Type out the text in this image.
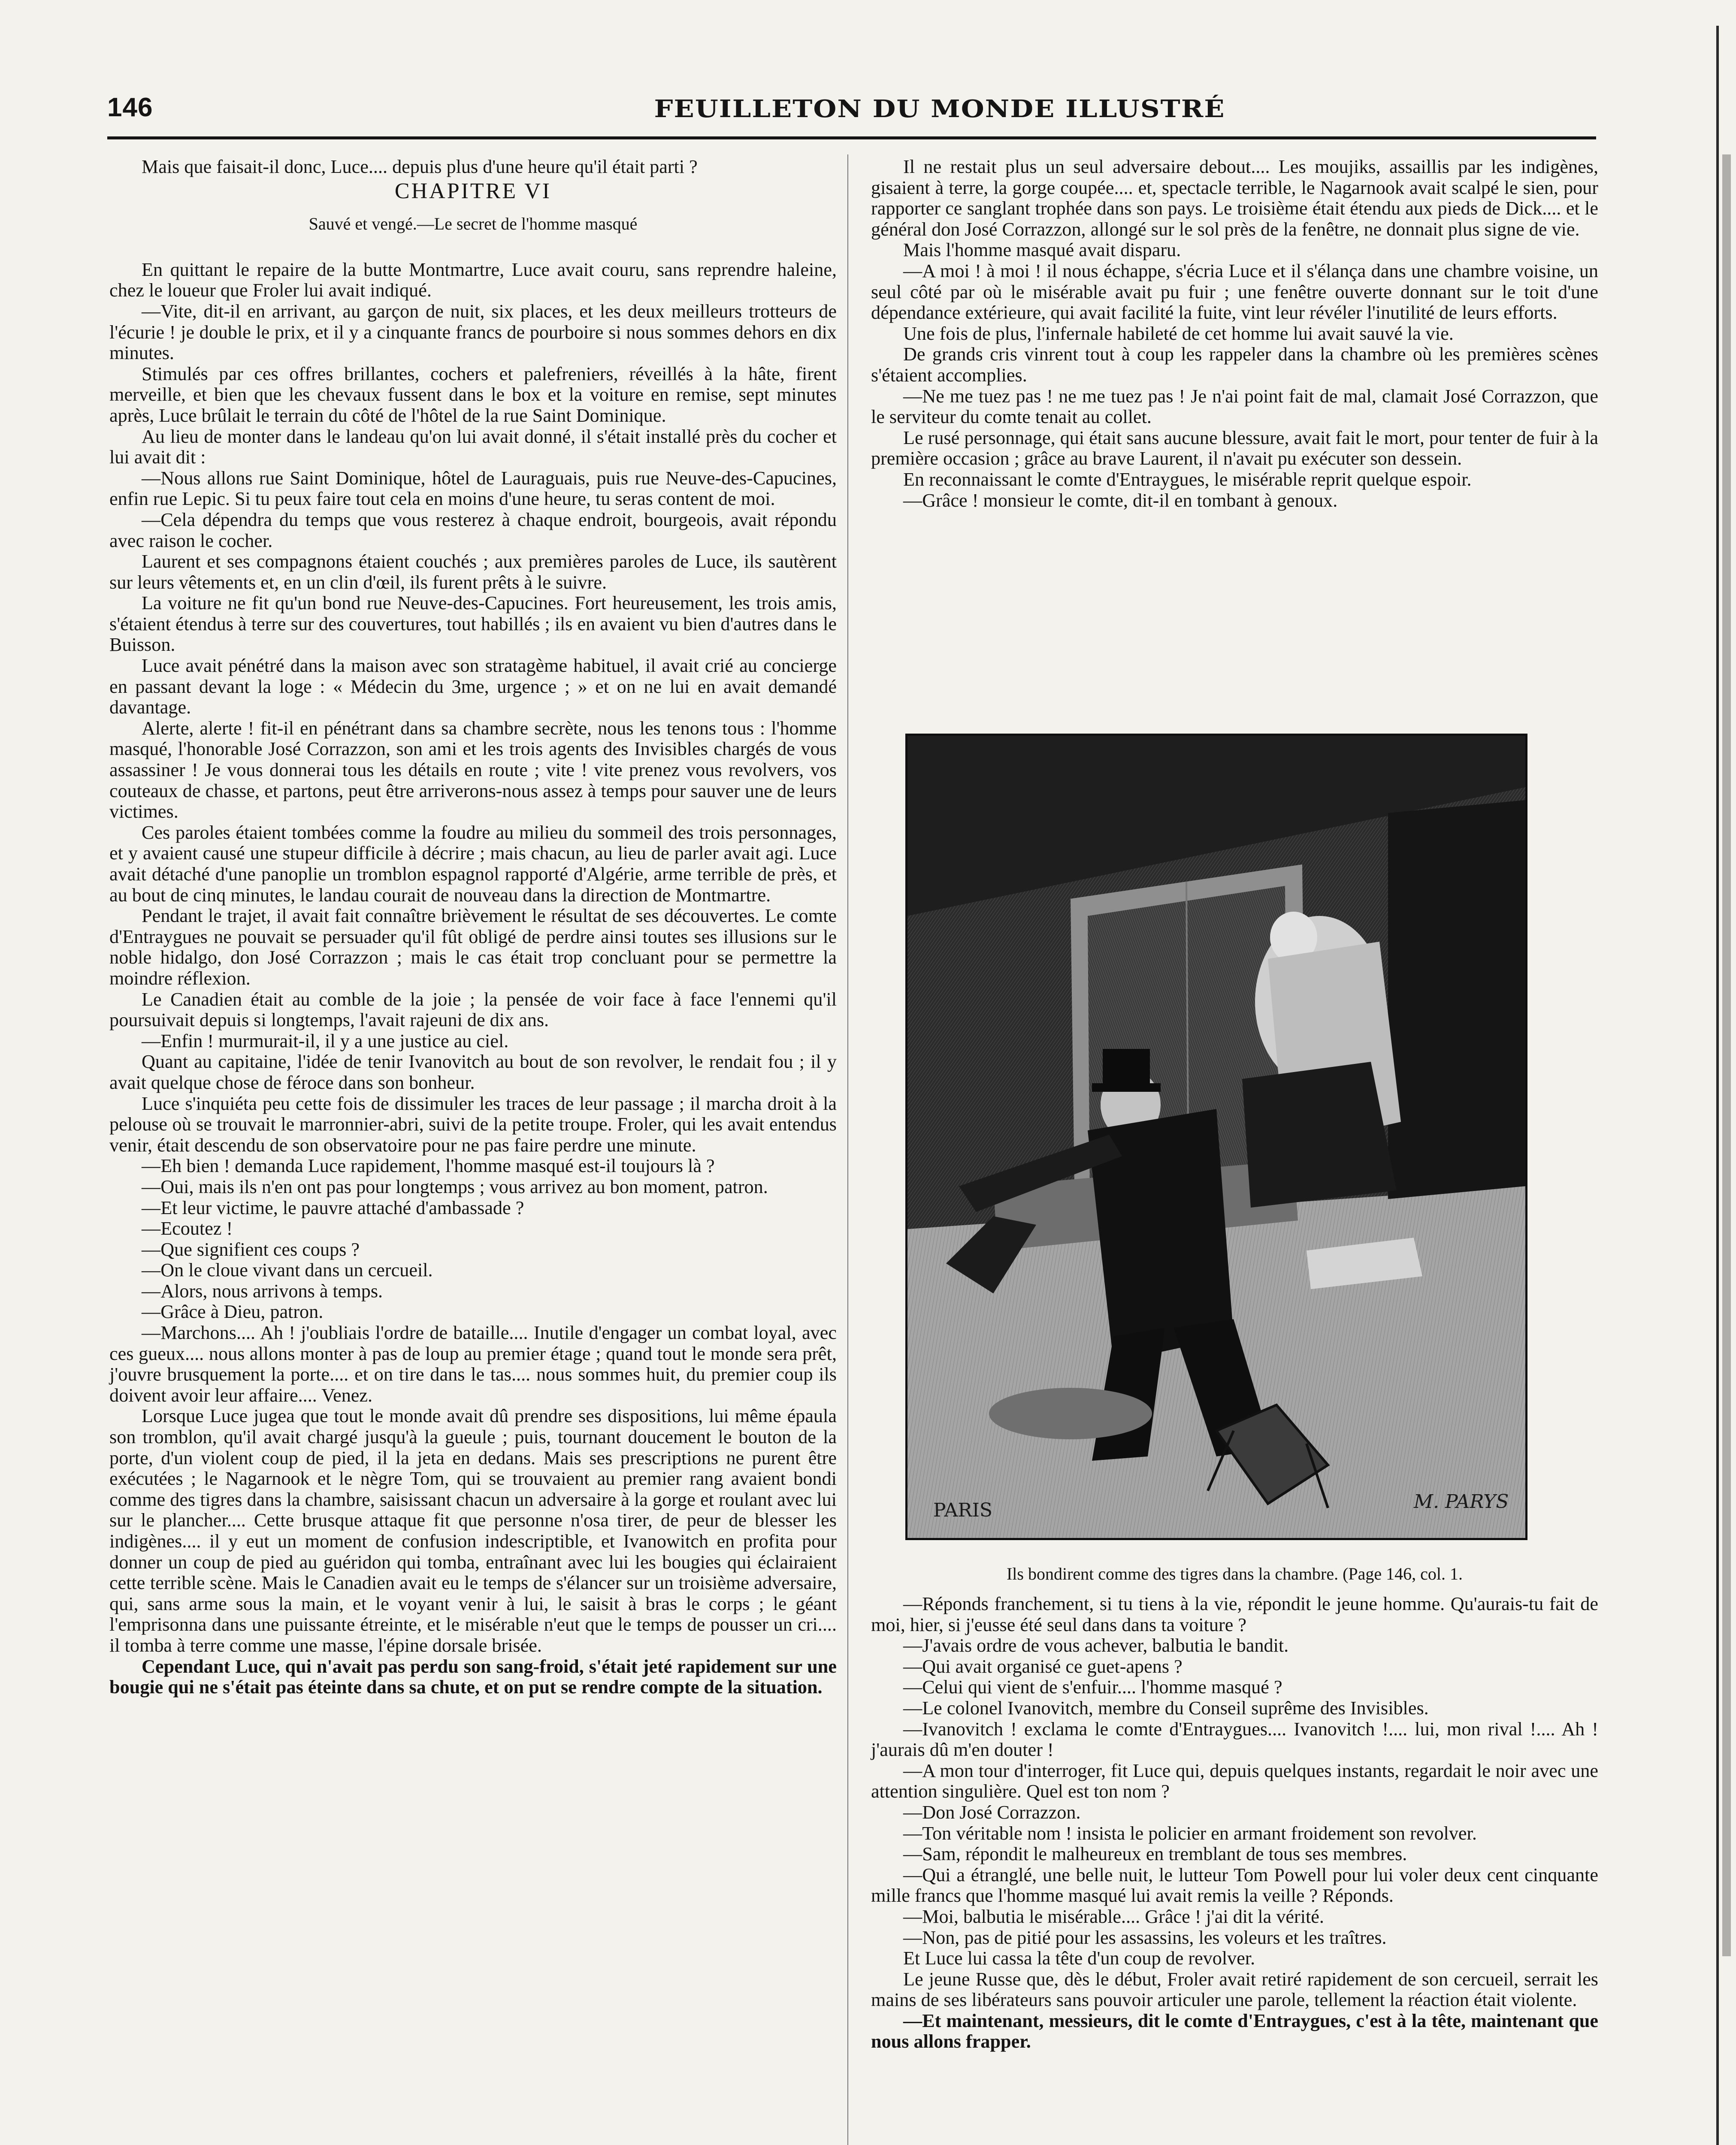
146	FEUILLETON DU MONDE ILLUSTRÉ

Mais que faisait-il donc, Luce.... depuis plus d'une heure qu'il était parti ?

CHAPITRE VI
Sauvé et vengé.—Le secret de l'homme masqué

En quittant le repaire de la butte Montmartre, Luce avait couru, sans reprendre haleine, chez le loueur que Froler lui avait indiqué.

—Vite, dit-il en arrivant, au garçon de nuit, six places, et les deux meilleurs trotteurs de l'écurie ! je double le prix, et il y a cinquante francs de pourboire si nous sommes dehors en dix minutes.

Stimulés par ces offres brillantes, cochers et palefreniers, réveillés à la hâte, firent merveille, et bien que les chevaux fussent dans le box et la voiture en remise, sept minutes après, Luce brûlait le terrain du côté de l'hôtel de la rue Saint Dominique.

Au lieu de monter dans le landeau qu'on lui avait donné, il s'était installé près du cocher et lui avait dit :

—Nous allons rue Saint Dominique, hôtel de Lauraguais, puis rue Neuve-des-Capucines, enfin rue Lepic. Si tu peux faire tout cela en moins d'une heure, tu seras content de moi.

—Cela dépendra du temps que vous resterez à chaque endroit, bourgeois, avait répondu avec raison le cocher.

Laurent et ses compagnons étaient couchés ; aux premières paroles de Luce, ils sautèrent sur leurs vêtements et, en un clin d'œil, ils furent prêts à le suivre.

La voiture ne fit qu'un bond rue Neuve-des-Capucines. Fort heureusement, les trois amis, s'étaient étendus à terre sur des couvertures, tout habillés ; ils en avaient vu bien d'autres dans le Buisson.

Luce avait pénétré dans la maison avec son stratagème habituel, il avait crié au concierge en passant devant la loge : « Médecin du 3me, urgence ; » et on ne lui en avait demandé davantage.

Alerte, alerte ! fit-il en pénétrant dans sa chambre secrète, nous les tenons tous : l'homme masqué, l'honorable José Corrazzon, son ami et les trois agents des Invisibles chargés de vous assassiner ! Je vous donnerai tous les détails en route ; vite ! vite prenez vous revolvers, vos couteaux de chasse, et partons, peut être arriverons-nous assez à temps pour sauver une de leurs victimes.

Ces paroles étaient tombées comme la foudre au milieu du sommeil des trois personnages, et y avaient causé une stupeur difficile à décrire ; mais chacun, au lieu de parler avait agi. Luce avait détaché d'une panoplie un tromblon espagnol rapporté d'Algérie, arme terrible de près, et au bout de cinq minutes, le landau courait de nouveau dans la direction de Montmartre.

Pendant le trajet, il avait fait connaître brièvement le résultat de ses découvertes. Le comte d'Entraygues ne pouvait se persuader qu'il fût obligé de perdre ainsi toutes ses illusions sur le noble hidalgo, don José Corrazzon ; mais le cas était trop concluant pour se permettre la moindre réflexion.

Le Canadien était au comble de la joie ; la pensée de voir face à face l'ennemi qu'il poursuivait depuis si longtemps, l'avait rajeuni de dix ans.

—Enfin ! murmurait-il, il y a une justice au ciel.

Quant au capitaine, l'idée de tenir Ivanovitch au bout de son revolver, le rendait fou ; il y avait quelque chose de féroce dans son bonheur.

Luce s'inquiéta peu cette fois de dissimuler les traces de leur passage ; il marcha droit à la pelouse où se trouvait le marronnier-abri, suivi de la petite troupe. Froler, qui les avait entendus venir, était descendu de son observatoire pour ne pas faire perdre une minute.

—Eh bien ! demanda Luce rapidement, l'homme masqué est-il toujours là ?

—Oui, mais ils n'en ont pas pour longtemps ; vous arrivez au bon moment, patron.

—Et leur victime, le pauvre attaché d'ambassade ?

—Ecoutez !

—Que signifient ces coups ?

—On le cloue vivant dans un cercueil.

—Alors, nous arrivons à temps.

—Grâce à Dieu, patron.

—Marchons.... Ah ! j'oubliais l'ordre de bataille.... Inutile d'engager un combat loyal, avec ces gueux.... nous allons monter à pas de loup au premier étage ; quand tout le monde sera prêt, j'ouvre brusquement la porte.... et on tire dans le tas.... nous sommes huit, du premier coup ils doivent avoir leur affaire.... Venez.

Lorsque Luce jugea que tout le monde avait dû prendre ses dispositions, lui même épaula son tromblon, qu'il avait chargé jusqu'à la gueule ; puis, tournant doucement le bouton de la porte, d'un violent coup de pied, il la jeta en dedans. Mais ses prescriptions ne purent être exécutées ; le Nagarnook et le nègre Tom, qui se trouvaient au premier rang avaient bondi comme des tigres dans la chambre, saisissant chacun un adversaire à la gorge et roulant avec lui sur le plancher.... Cette brusque attaque fit que personne n'osa tirer, de peur de blesser les indigènes.... il y eut un moment de confusion indescriptible, et Ivanowitch en profita pour donner un coup de pied au guéridon qui tomba, entraînant avec lui les bougies qui éclairaient cette terrible scène. Mais le Canadien avait eu le temps de s'élancer sur un troisième adversaire, qui, sans arme sous la main, et le voyant venir à lui, le saisit à bras le corps ; le géant l'emprisonna dans une puissante étreinte, et le misérable n'eut que le temps de pousser un cri.... il tomba à terre comme une masse, l'épine dorsale brisée.

Cependant Luce, qui n'avait pas perdu son sang-froid, s'était jeté rapidement sur une bougie qui ne s'était pas éteinte dans sa chute, et on put se rendre compte de la situation.

Il ne restait plus un seul adversaire debout.... Les moujiks, assaillis par les indigènes, gisaient à terre, la gorge coupée.... et, spectacle terrible, le Nagarnook avait scalpé le sien, pour rapporter ce sanglant trophée dans son pays. Le troisième était étendu aux pieds de Dick.... et le général don José Corrazzon, allongé sur le sol près de la fenêtre, ne donnait plus signe de vie.

Mais l'homme masqué avait disparu.

—A moi ! à moi ! il nous échappe, s'écria Luce et il s'élança dans une chambre voisine, un seul côté par où le misérable avait pu fuir ; une fenêtre ouverte donnant sur le toit d'une dépendance extérieure, qui avait facilité la fuite, vint leur révéler l'inutilité de leurs efforts.

Une fois de plus, l'infernale habileté de cet homme lui avait sauvé la vie.

De grands cris vinrent tout à coup les rappeler dans la chambre où les premières scènes s'étaient accomplies.

—Ne me tuez pas ! ne me tuez pas ! Je n'ai point fait de mal, clamait José Corrazzon, que le serviteur du comte tenait au collet.

Le rusé personnage, qui était sans aucune blessure, avait fait le mort, pour tenter de fuir à la première occasion ; grâce au brave Laurent, il n'avait pu exécuter son dessein.

En reconnaissant le comte d'Entraygues, le misérable reprit quelque espoir.

—Grâce ! monsieur le comte, dit-il en tombant à genoux.

PARIS	M. PARYS
Ils bondirent comme des tigres dans la chambre. (Page 146, col. 1.

—Réponds franchement, si tu tiens à la vie, répondit le jeune homme. Qu'aurais-tu fait de moi, hier, si j'eusse été seul dans dans ta voiture ?

—J'avais ordre de vous achever, balbutia le bandit.

—Qui avait organisé ce guet-apens ?

—Celui qui vient de s'enfuir.... l'homme masqué ?

—Le colonel Ivanovitch, membre du Conseil suprême des Invisibles.

—Ivanovitch ! exclama le comte d'Entraygues.... Ivanovitch !.... lui, mon rival !.... Ah ! j'aurais dû m'en douter !

—A mon tour d'interroger, fit Luce qui, depuis quelques instants, regardait le noir avec une attention singulière. Quel est ton nom ?

—Don José Corrazzon.

—Ton véritable nom ! insista le policier en armant froidement son revolver.

—Sam, répondit le malheureux en tremblant de tous ses membres.

—Qui a étranglé, une belle nuit, le lutteur Tom Powell pour lui voler deux cent cinquante mille francs que l'homme masqué lui avait remis la veille ? Réponds.

—Moi, balbutia le misérable.... Grâce ! j'ai dit la vérité.

—Non, pas de pitié pour les assassins, les voleurs et les traîtres.

Et Luce lui cassa la tête d'un coup de revolver.

Le jeune Russe que, dès le début, Froler avait retiré rapidement de son cercueil, serrait les mains de ses libérateurs sans pouvoir articuler une parole, tellement la réaction était violente.

—Et maintenant, messieurs, dit le comte d'Entraygues, c'est à la tête, maintenant que nous allons frapper.
